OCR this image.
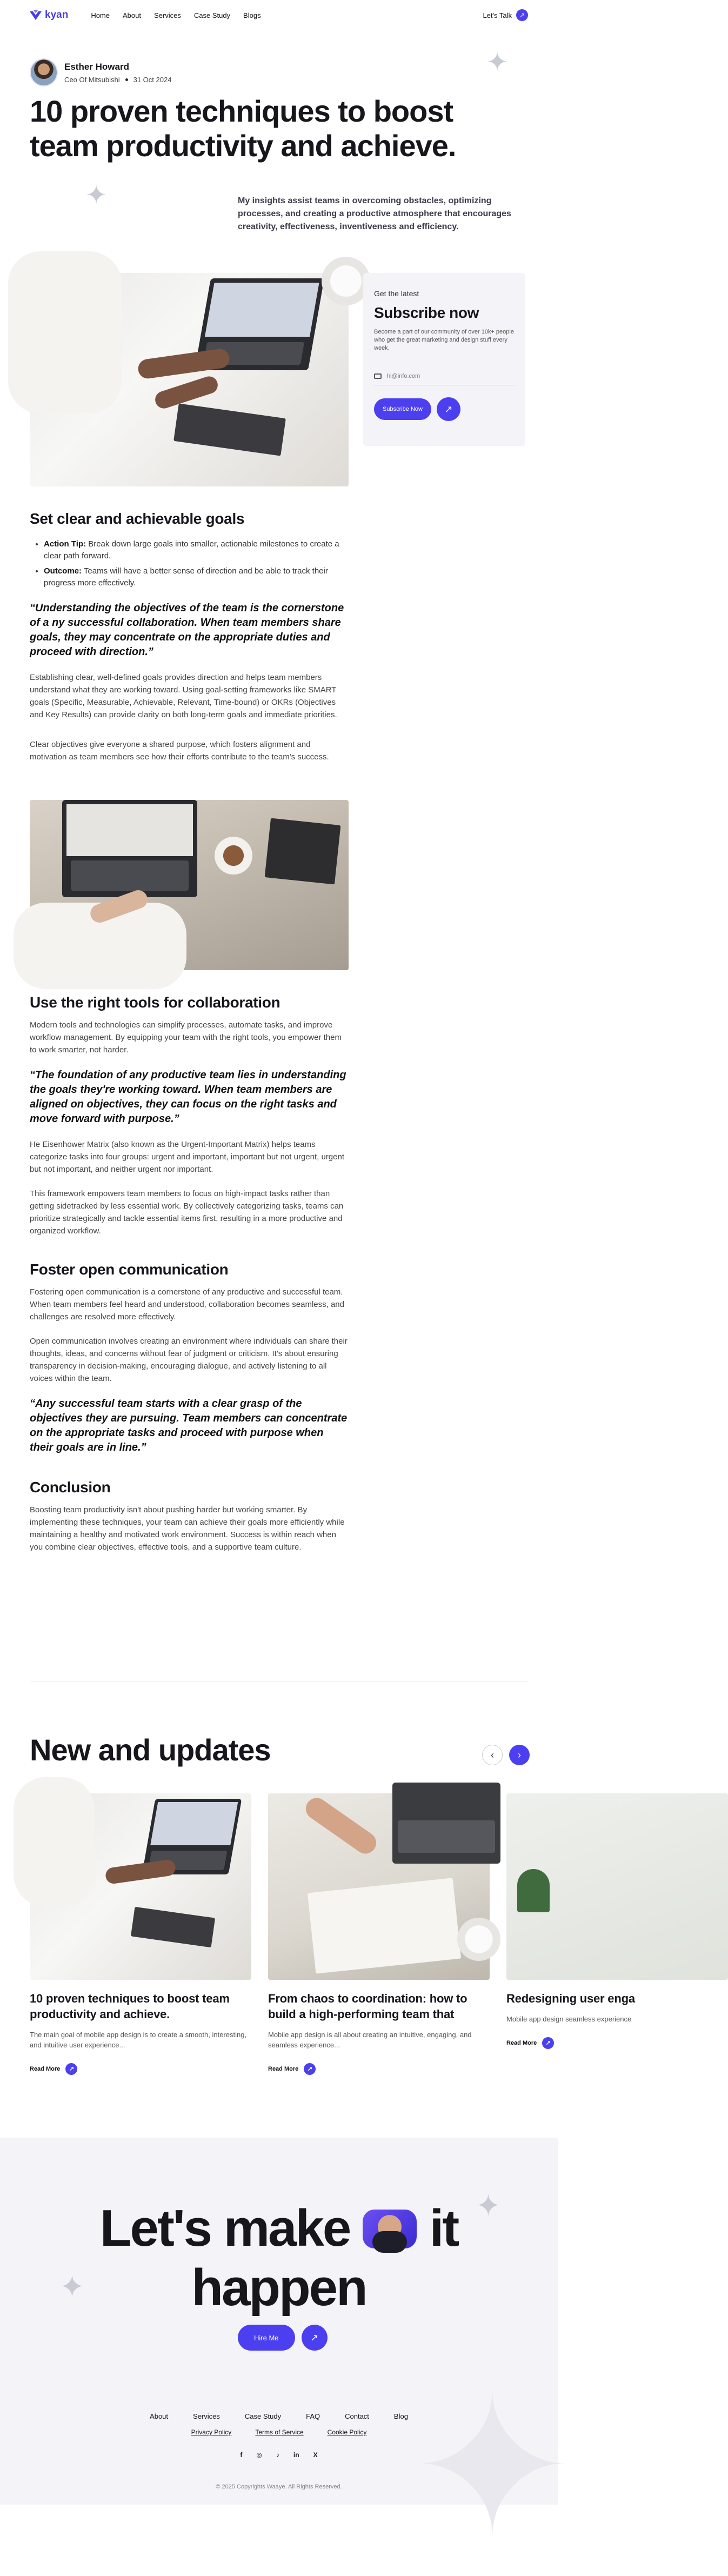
kyan	Home About Services Case Study Blogs	Let's Talk	↗
Esther Howard
Ceo Of Mitsubishi 31 Oct 2024
10 proven techniques to boost team productivity and achieve.

My insights assist teams in overcoming obstacles, optimizing processes, and creating a productive atmosphere that encourages creativity, effectiveness, inventiveness and efficiency.

✦
✦
Set clear and achievable goals
• Action Tip: Break down large goals into smaller, actionable milestones to create a clear path forward.
• Outcome: Teams will have a better sense of direction and be able to track their progress more effectively.

“Understanding the objectives of the team is the cornerstone of a ny successful collaboration. When team members share goals, they may concentrate on the appropriate duties and proceed with direction.”

Establishing clear, well-defined goals provides direction and helps team members understand what they are working toward. Using goal-setting frameworks like SMART goals (Specific, Measurable, Achievable, Relevant, Time-bound) or OKRs (Objectives and Key Results) can provide clarity on both long-term goals and immediate priorities.

Clear objectives give everyone a shared purpose, which fosters alignment and motivation as team members see how their efforts contribute to the team's success.

Use the right tools for collaboration

Modern tools and technologies can simplify processes, automate tasks, and improve workflow management. By equipping your team with the right tools, you empower them to work smarter, not harder.

“The foundation of any productive team lies in understanding the goals they're working toward. When team members are aligned on objectives, they can focus on the right tasks and move forward with purpose.”

He Eisenhower Matrix (also known as the Urgent-Important Matrix) helps teams categorize tasks into four groups: urgent and important, important but not urgent, urgent but not important, and neither urgent nor important.

This framework empowers team members to focus on high-impact tasks rather than getting sidetracked by less essential work. By collectively categorizing tasks, teams can prioritize strategically and tackle essential items first, resulting in a more productive and organized workflow.

Foster open communication

Fostering open communication is a cornerstone of any productive and successful team. When team members feel heard and understood, collaboration becomes seamless, and challenges are resolved more effectively.

Open communication involves creating an environment where individuals can share their thoughts, ideas, and concerns without fear of judgment or criticism. It's about ensuring transparency in decision-making, encouraging dialogue, and actively listening to all voices within the team.

“Any successful team starts with a clear grasp of the objectives they are pursuing. Team members can concentrate on the appropriate tasks and proceed with purpose when their goals are in line.”

Conclusion

Boosting team productivity isn't about pushing harder but working smarter. By implementing these techniques, your team can achieve their goals more efficiently while maintaining a healthy and motivated work environment. Success is within reach when you combine clear objectives, effective tools, and a supportive team culture.

Get the latest
Subscribe now

Become a part of our community of over 10k+ people who get the great marketing and design stuff every week.

hi@info.com
Subscribe Now	↗
New and updates	‹	›
10 proven techniques to boost team productivity and achieve.

The main goal of mobile app design is to create a smooth, interesting, and intuitive user experience...

Read More	↗
From chaos to coordination: how to build a high-performing team that

Mobile app design is all about creating an intuitive, engaging, and seamless experience...

Read More	↗
Redesigning user enga

Mobile app design seamless experience

Read More	↗
✦
✦
✦
Let's make it
happen
Hire Me	↗
About	Services	Case Study	FAQ	Contact	Blog
Privacy Policy	Terms of Service	Cookie Policy
f ◎ ♪ in X
© 2025 Copyrights Waaye. All Rights Reserved.
